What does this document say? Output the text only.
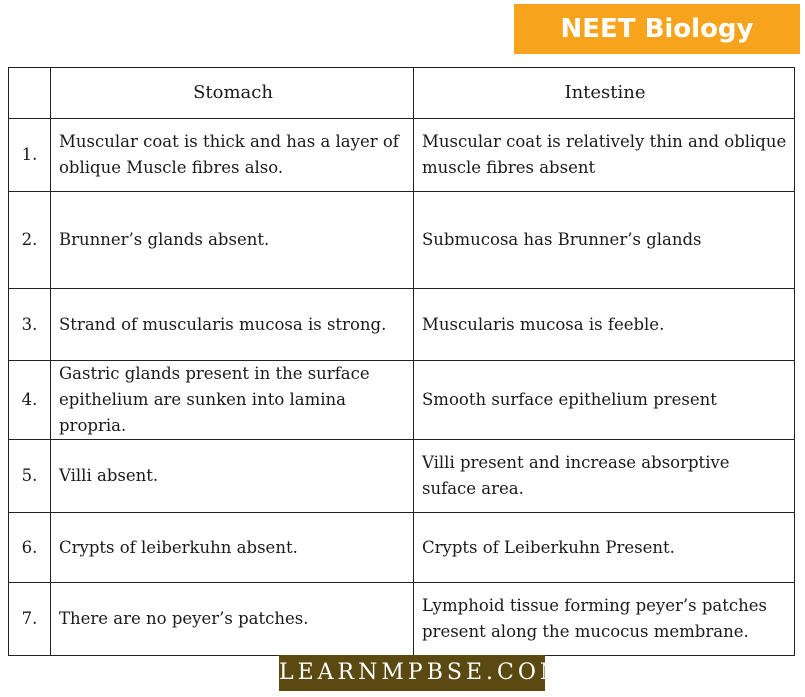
NEET Biology Notes
	Stomach	Intestine
1.	Muscular coat is thick and has a layer of oblique Muscle fibres also.	Muscular coat is relatively thin and oblique muscle fibres absent
2.	Brunner’s glands absent.	Submucosa has Brunner’s glands
3.	Strand of muscularis mucosa is strong.	Muscularis mucosa is feeble.
4.	Gastric glands present in the surface epithelium are sunken into lamina propria.	Smooth surface epithelium present
5.	Villi absent.	Villi present and increase absorptive suface area.
6.	Crypts of leiberkuhn absent.	Crypts of Leiberkuhn Present.
7.	There are no peyer’s patches.	Lymphoid tissue forming peyer’s patches present along the mucocus membrane.
LEARNMPBSE.COM
